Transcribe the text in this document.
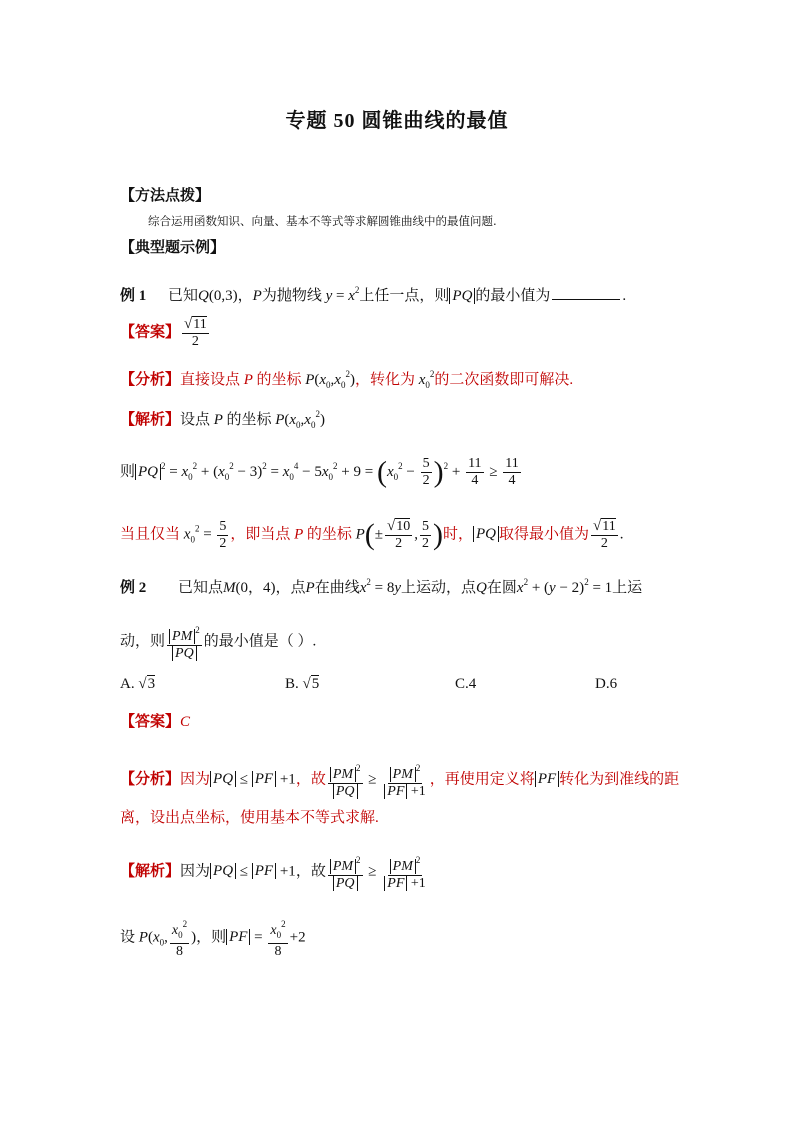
专题 50 圆锥曲线的最值
【方法点拨】
综合运用函数知识、向量、基本不等式等求解圆锥曲线中的最值问题.
【典型题示例】
例 1 已知Q(0,3)，P为抛物线 $y = x^2$上任一点，则 PQ 的最小值为	.
【答案】 $\frac{√11}{2}$
【分析】直接设点 P 的坐标 $P(x_0,x_0^2)$，转化为 $x_0^2$的二次函数即可解决.
【解析】设点 P 的坐标 $P(x_0,x_0^2)$
则 PQ $^2 = x_0^2 + (x_0^2 - 3)^2 = x_0^4 - 5x_0^2 + 9 = (x_0^2 - \frac{5}{2} )^2 + \frac{11}{4} \ge \frac{11}{4}$
当且仅当 $x_0^2 = \frac{5}{2}$ ，即当点 P 的坐标 $P(\pm \frac{√10}{2}$ , $\frac{5}{2}$ )时， PQ 取得最小值为 $\frac{√11}{2}$ .
例 2 已知点M(0，4)，点P在曲线$x^2 = 8y$上运动，点Q在圆$x^2 + (y - 2)^2 = 1$上运
动，则 $\frac{PM ^2}{PQ}$ 的最小值是（ ）.
A. √3	B. √5	C.4	D.6
【答案】C
【分析】因为 PQ ≤ PF +1，故 $\frac{PM ^2}{PQ} \ge \frac{PM ^2}{PF +1}$ ，再使用定义将 PF 转化为到准线的距
离，设出点坐标，使用基本不等式求解.
【解析】因为 PQ ≤ PF +1，故 $\frac{PM ^2}{PQ} \ge \frac{PM ^2}{PF +1}$
设 $P(x_0$, $\frac{x_0^2}{8}$ )，则 PF = $\frac{x_0^2}{8} +2$
